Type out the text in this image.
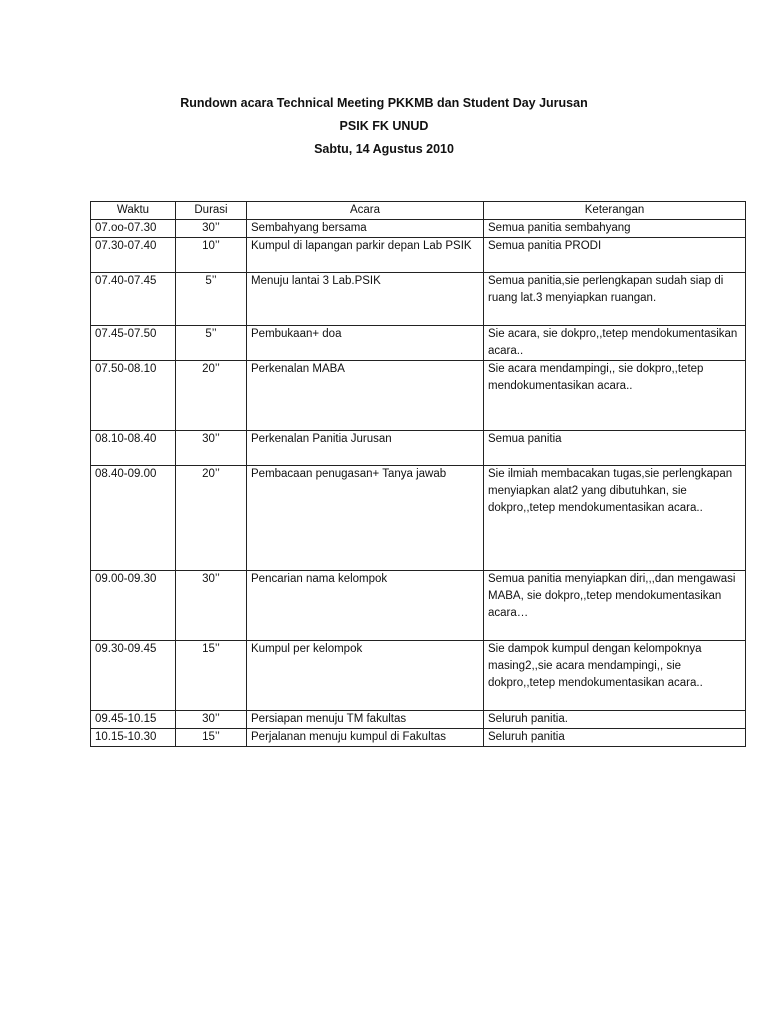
Rundown acara Technical Meeting PKKMB dan Student Day Jurusan
PSIK FK UNUD
Sabtu, 14 Agustus 2010
Waktu	Durasi	Acara	Keterangan
07.oo-07.30	30’’	Sembahyang bersama	Semua panitia sembahyang
07.30-07.40	10’’	Kumpul di lapangan parkir depan Lab PSIK	Semua panitia PRODI
07.40-07.45	5’’	Menuju lantai 3 Lab.PSIK	Semua panitia,sie perlengkapan sudah siap di ruang lat.3 menyiapkan ruangan.
07.45-07.50	5’’	Pembukaan+ doa	Sie acara, sie dokpro,,tetep mendokumentasikan acara..
07.50-08.10	20’’	Perkenalan MABA	Sie acara mendampingi,, sie dokpro,,tetep mendokumentasikan acara..
08.10-08.40	30’’	Perkenalan Panitia Jurusan	Semua panitia
08.40-09.00	20’’	Pembacaan penugasan+ Tanya jawab	Sie ilmiah membacakan tugas,sie perlengkapan menyiapkan alat2 yang dibutuhkan, sie dokpro,,tetep mendokumentasikan acara..
09.00-09.30	30’’	Pencarian nama kelompok	Semua panitia menyiapkan diri,,,dan mengawasi MABA, sie dokpro,,tetep mendokumentasikan acara…
09.30-09.45	15’’	Kumpul per kelompok	Sie dampok kumpul dengan kelompoknya masing2,,sie acara mendampingi,, sie dokpro,,tetep mendokumentasikan acara..
09.45-10.15	30’’	Persiapan menuju TM fakultas	Seluruh panitia.
10.15-10.30	15’’	Perjalanan menuju kumpul di Fakultas	Seluruh panitia
